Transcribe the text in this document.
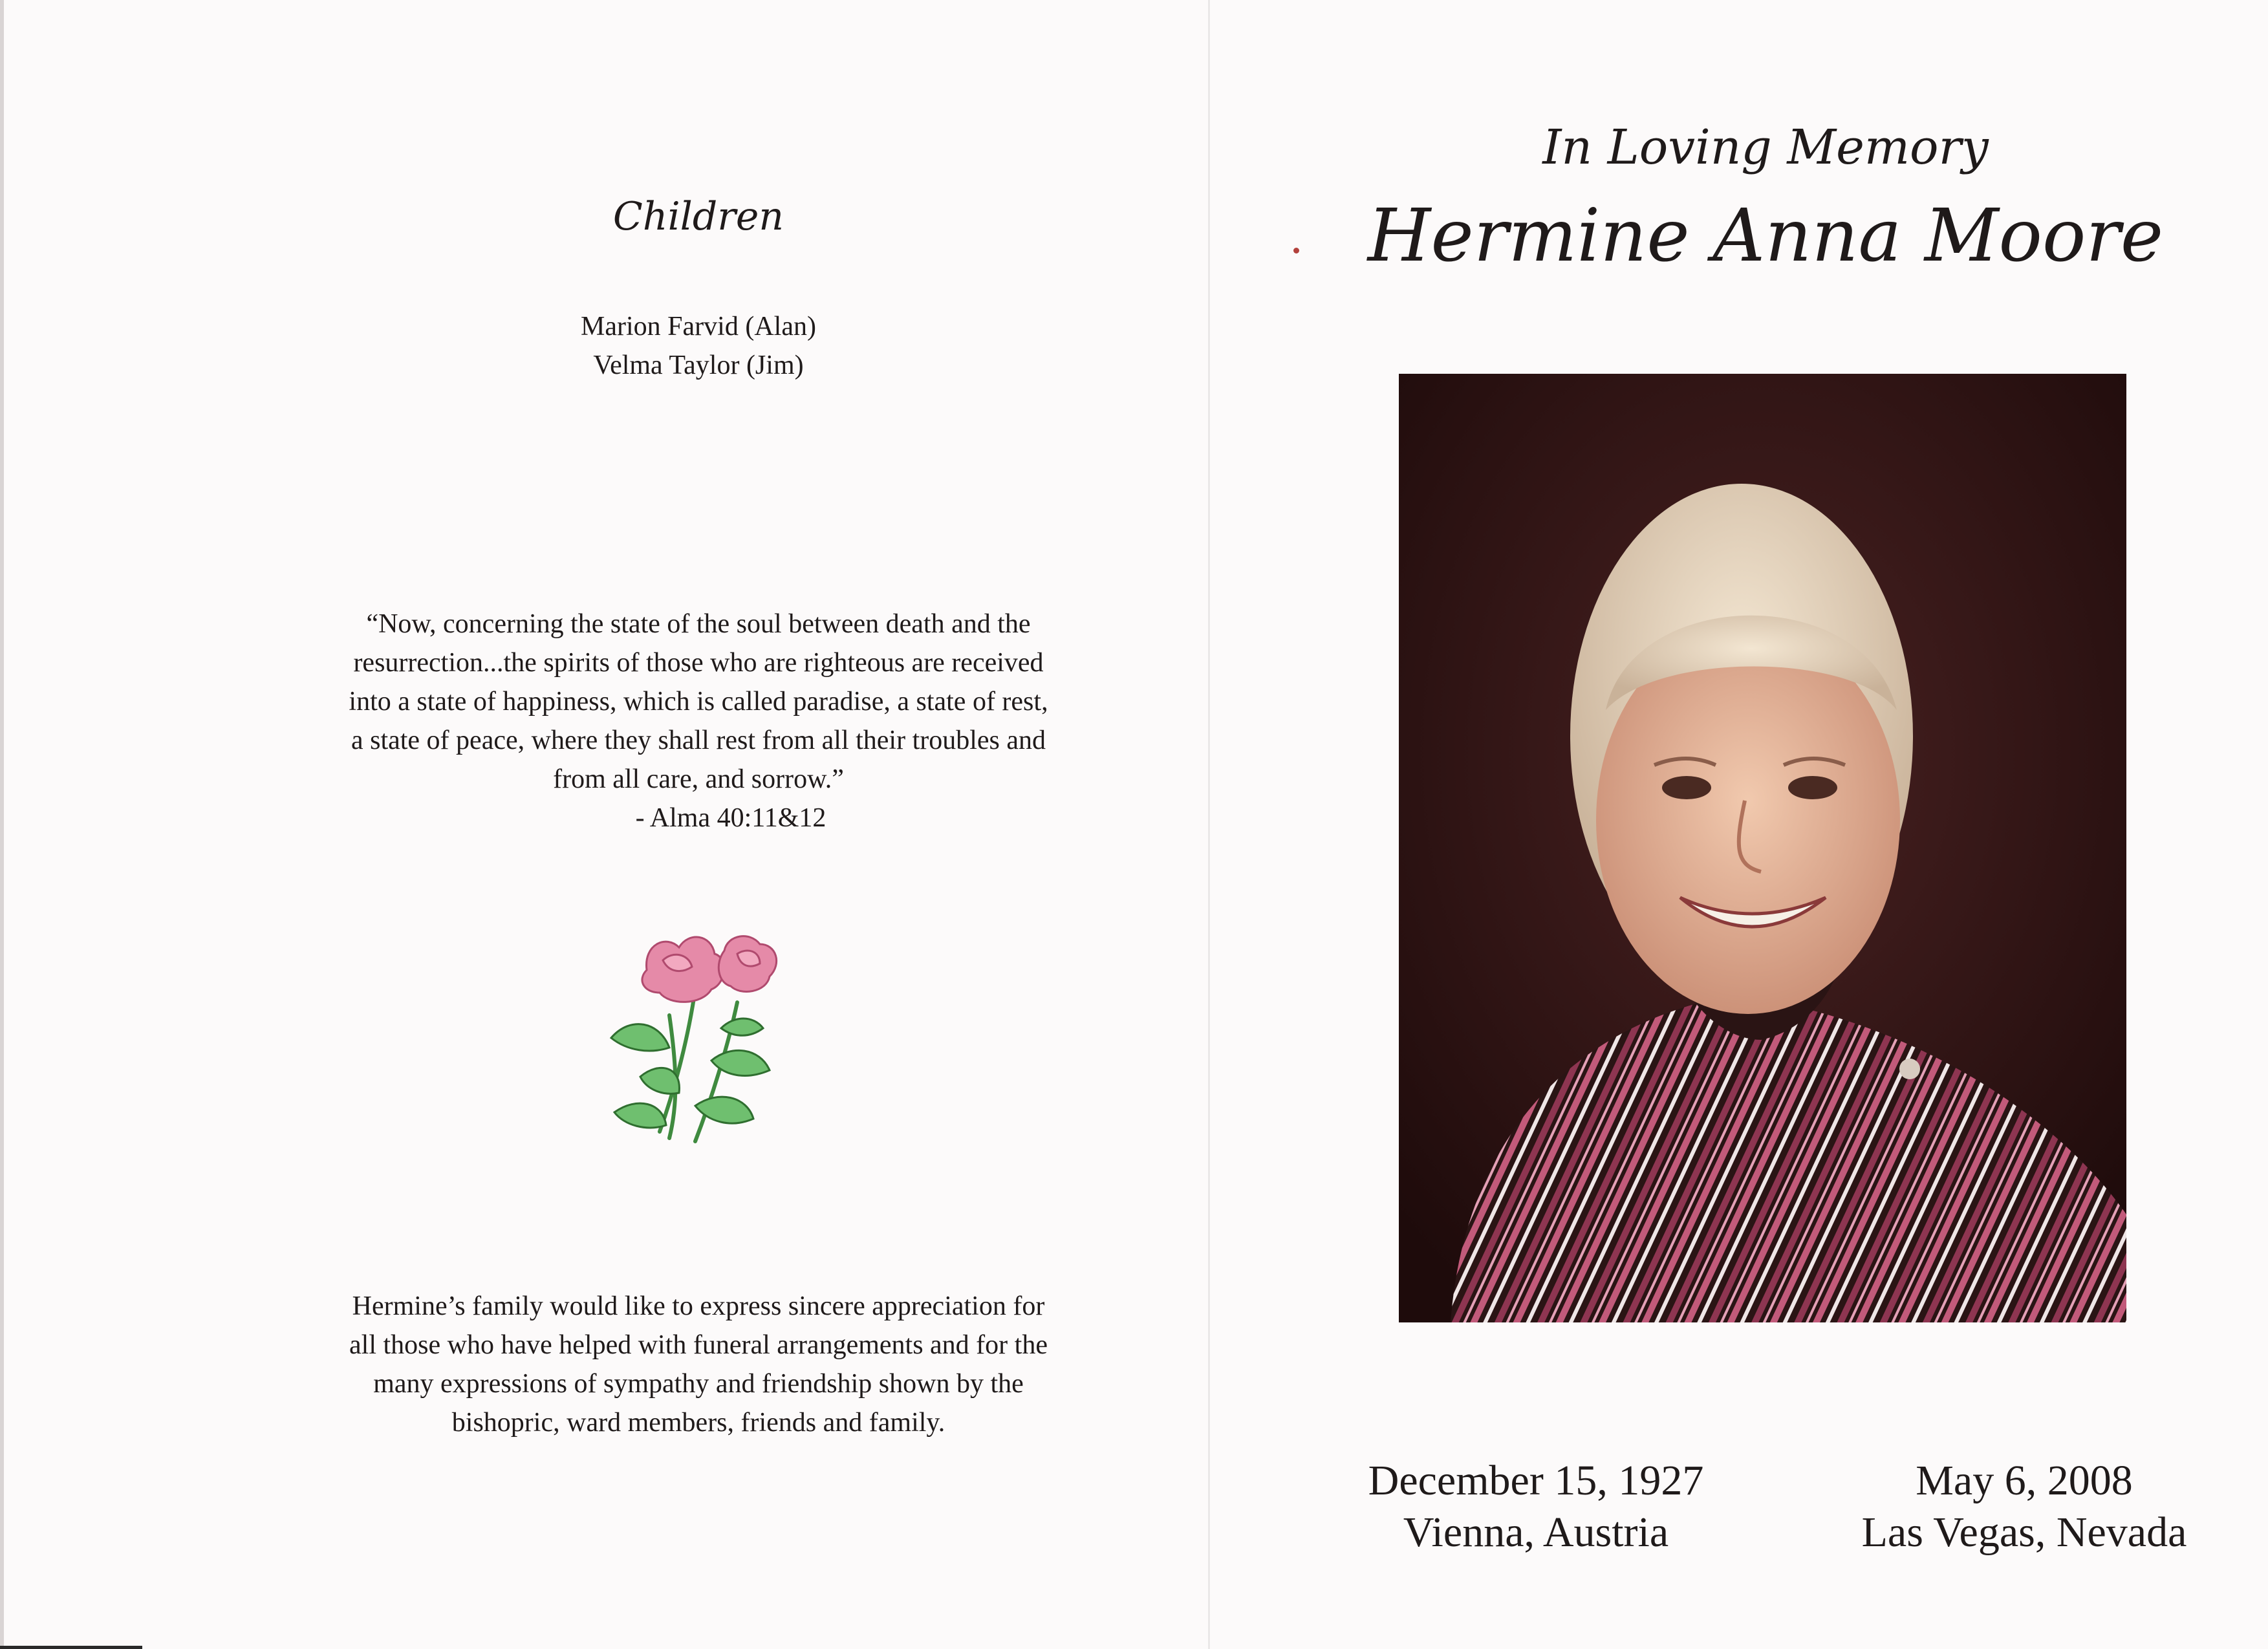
Children
Marion Farvid (Alan)
Velma Taylor (Jim)
“Now, concerning the state of the soul between death and the
resurrection...the spirits of those who are righteous are received
into a state of happiness, which is called paradise, a state of rest,
a state of peace, where they shall rest from all their troubles and
from all care, and sorrow.”
- Alma 40:11&12
Hermine’s family would like to express sincere appreciation for
all those who have helped with funeral arrangements and for the
many expressions of sympathy and friendship shown by the
bishopric, ward members, friends and family.
In Loving Memory
Hermine Anna Moore
December 15, 1927
Vienna, Austria
May 6, 2008
Las Vegas, Nevada
